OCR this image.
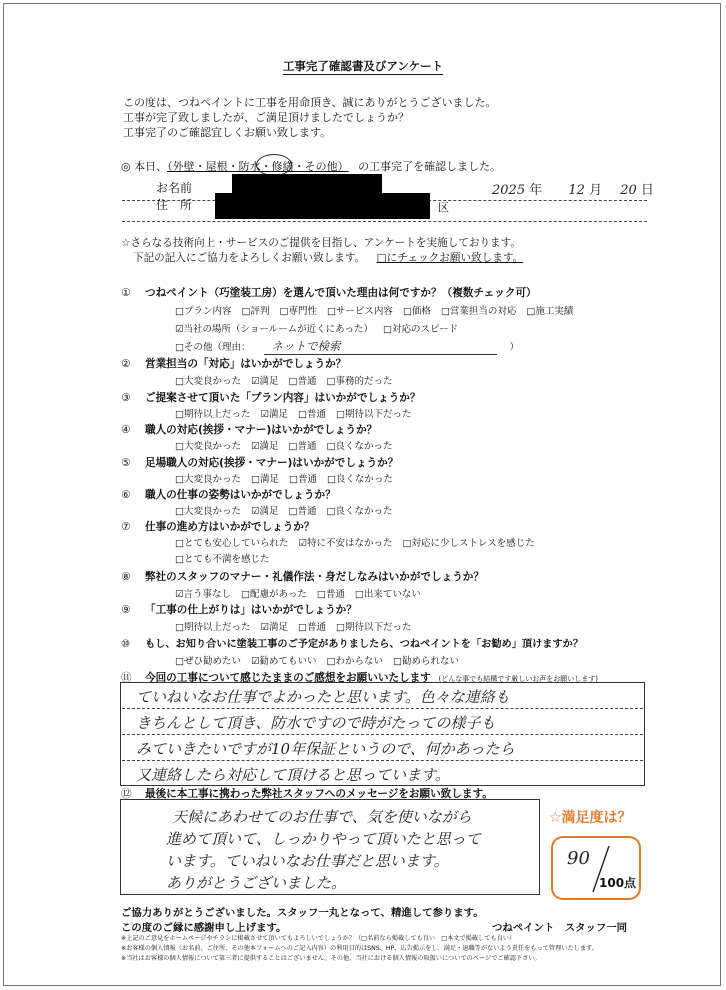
工事完了確認書及びアンケート
この度は、つねペイントに工事を用命頂き、誠にありがとうございました。
工事が完了致しましたが、ご満足頂けましたでしょうか？
工事完了のご確認宜しくお願い致します。
◎ 本日、（外壁・屋根・防水・修繕・その他） の工事完了を確認しました。
お名前	2025 年 12 月 20 日
住　所	区
☆さらなる技術向上・サービスのご提供を目指し、アンケートを実施しております。
下記の記入にご協力をよろしくお願い致します。 □にチェックお願い致します。
① つねペイント（巧塗装工房）を選んで頂いた理由は何ですか？（複数チェック可）
□プラン内容 □評判 □専門性 □サービス内容 □価格 □営業担当の対応 □施工実績
☑当社の場所（ショールームが近くにあった） □対応のスピード
□その他（理由： ネットで検索	）
② 営業担当の「対応」はいかがでしょうか？
□大変良かった ☑満足 □普通 □事務的だった
③ ご提案させて頂いた「プラン内容」はいかがでしょうか？
□期待以上だった ☑満足 □普通 □期待以下だった
④ 職人の対応(挨拶・マナー)はいかがでしょうか？
□大変良かった ☑満足 □普通 □良くなかった
⑤ 足場職人の対応(挨拶・マナー)はいかがでしょうか？
□大変良かった □満足 □普通 □良くなかった
⑥ 職人の仕事の姿勢はいかがでしょうか？
□大変良かった ☑満足 □普通 □良くなかった
⑦ 仕事の進め方はいかがでしょうか？
□とても安心していられた ☑特に不安はなかった □対応に少しストレスを感じた
□とても不満を感じた
⑧ 弊社のスタッフのマナー・礼儀作法・身だしなみはいかがでしょうか？
☑言う事なし □配慮があった □普通 □出来ていない
⑨ 「工事の仕上がりは」はいかがでしょうか？
□期待以上だった ☑満足 □普通 □期待以下だった
⑩ もし、お知り合いに塗装工事のご予定がありましたら、つねペイントを「お勧め」頂けますか？
□ぜひ勧めたい ☑勧めてもいい □わからない □勧められない
⑪ 今回の工事について感じたままのご感想をお願いいたします (どんな事でも結構です厳しいお声をお願いします)
ていねいなお仕事でよかったと思います。色々な連絡も
きちんとして頂き、防水ですので時がたっての様子も
みていきたいですが10年保証というので、何かあったら
又連絡したら対応して頂けると思っています。
⑫ 最後に本工事に携わった弊社スタッフへのメッセージをお願い致します。
天候にあわせてのお仕事で、気を使いながら
進めて頂いて、しっかりやって頂いたと思って
います。ていねいなお仕事だと思います。
ありがとうございました。
☆満足度は？
90
100点
ご協力ありがとうございました。スタッフ一丸となって、精進して参ります。
この度のご縁に感謝申し上げます。	つねペイント　スタッフ一同
※上記のご意見をホームページやチラシに掲載させて頂いてもよろしいでしょうか？（□名前なら掲載しても良い　□本文で掲載しても良い）
※お客様の個人情報（お名前、ご住所、その他本フォームへのご記入内容）の利用目的はSNS、HP、広告掲示をし、満足・退職等がないよう責任をもって管理いたします。
※当社はお客様の個人情報について第三者に提供することはございません。その他、当社における個人情報の取扱いについてのページでご確認下さい。
